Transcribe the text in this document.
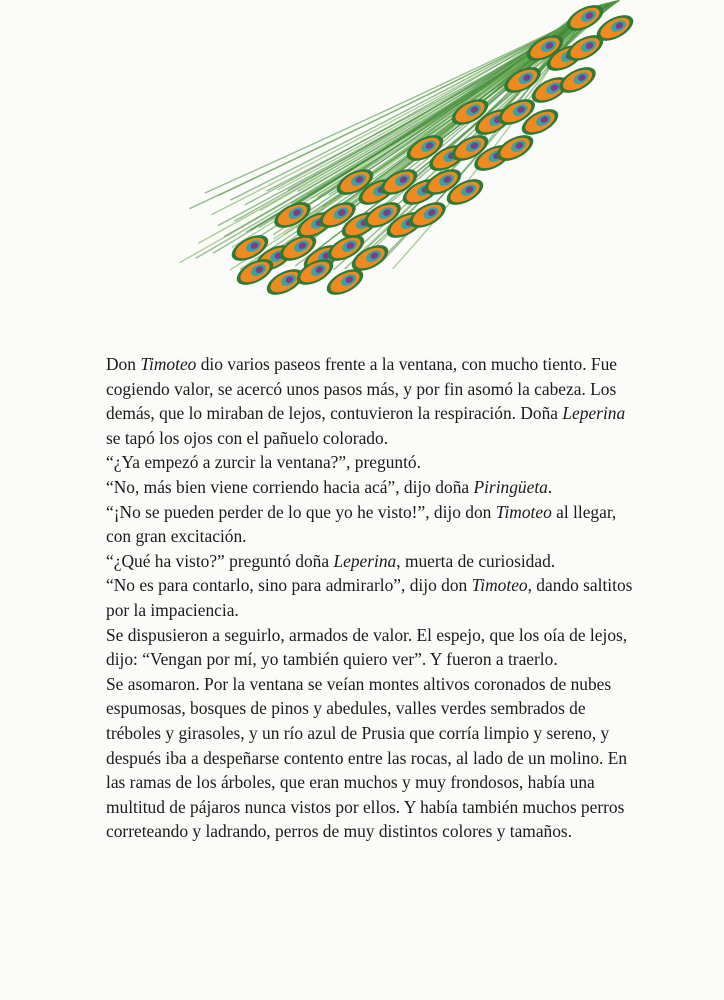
Don Timoteo dio varios paseos frente a la ventana, con mucho tiento. Fue cogiendo valor, se acercó unos pasos más, y por fin asomó la cabeza. Los demás, que lo miraban de lejos, contuvieron la respiración. Doña Leperina se tapó los ojos con el pañuelo colorado.

“¿Ya empezó a zurcir la ventana?”, preguntó.

“No, más bien viene corriendo hacia acá”, dijo doña Piringüeta.

“¡No se pueden perder de lo que yo he visto!”, dijo don Timoteo al llegar, con gran excitación.

“¿Qué ha visto?” preguntó doña Leperina, muerta de curiosidad.

“No es para contarlo, sino para admirarlo”, dijo don Timoteo, dando saltitos por la impaciencia.

Se dispusieron a seguirlo, armados de valor. El espejo, que los oía de lejos, dijo: “Vengan por mí, yo también quiero ver”. Y fueron a traerlo.

Se asomaron. Por la ventana se veían montes altivos coronados de nubes espumosas, bosques de pinos y abedules, valles verdes sembrados de tréboles y girasoles, y un río azul de Prusia que corría limpio y sereno, y después iba a despeñarse contento entre las rocas, al lado de un molino. En las ramas de los árboles, que eran muchos y muy frondosos, había una multitud de pájaros nunca vistos por ellos. Y había también muchos perros correteando y ladrando, perros de muy distintos colores y tamaños.
